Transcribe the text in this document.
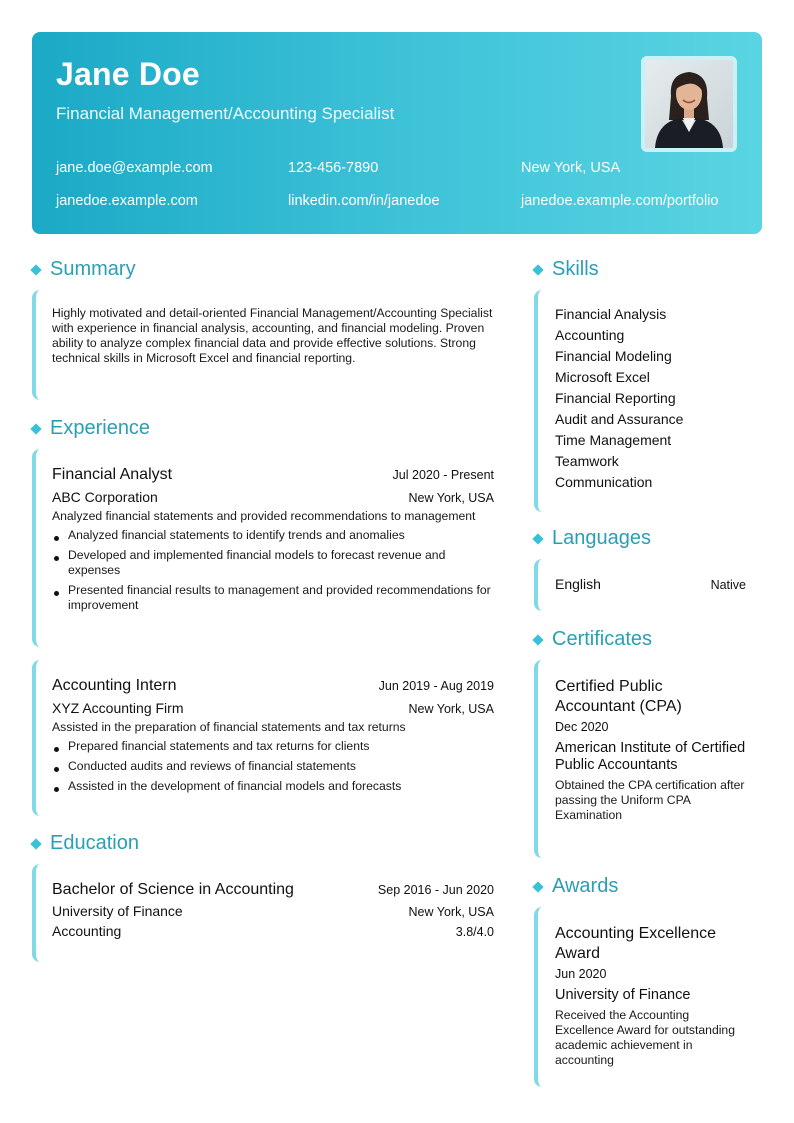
Jane Doe
Financial Management/Accounting Specialist
jane.doe@example.com	123-456-7890	New York, USA
janedoe.example.com	linkedin.com/in/janedoe	janedoe.example.com/portfolio
Summary
Highly motivated and detail-oriented Financial Management/Accounting Specialist with experience in financial analysis, accounting, and financial modeling. Proven ability to analyze complex financial data and provide effective solutions. Strong technical skills in Microsoft Excel and financial reporting.
Experience
Financial Analyst	Jul 2020 - Present
ABC Corporation	New York, USA
Analyzed financial statements and provided recommendations to management
Analyzed financial statements to identify trends and anomalies
Developed and implemented financial models to forecast revenue and expenses
Presented financial results to management and provided recommendations for improvement
Accounting Intern	Jun 2019 - Aug 2019
XYZ Accounting Firm	New York, USA
Assisted in the preparation of financial statements and tax returns
Prepared financial statements and tax returns for clients
Conducted audits and reviews of financial statements
Assisted in the development of financial models and forecasts
Education
Bachelor of Science in Accounting	Sep 2016 - Jun 2020
University of Finance	New York, USA
Accounting	3.8/4.0
Skills
Financial Analysis
Accounting
Financial Modeling
Microsoft Excel
Financial Reporting
Audit and Assurance
Time Management
Teamwork
Communication
Languages
English	Native
Certificates
Certified Public Accountant (CPA)
Dec 2020
American Institute of Certified Public Accountants
Obtained the CPA certification after passing the Uniform CPA Examination
Awards
Accounting Excellence Award
Jun 2020
University of Finance
Received the Accounting Excellence Award for outstanding academic achievement in accounting
